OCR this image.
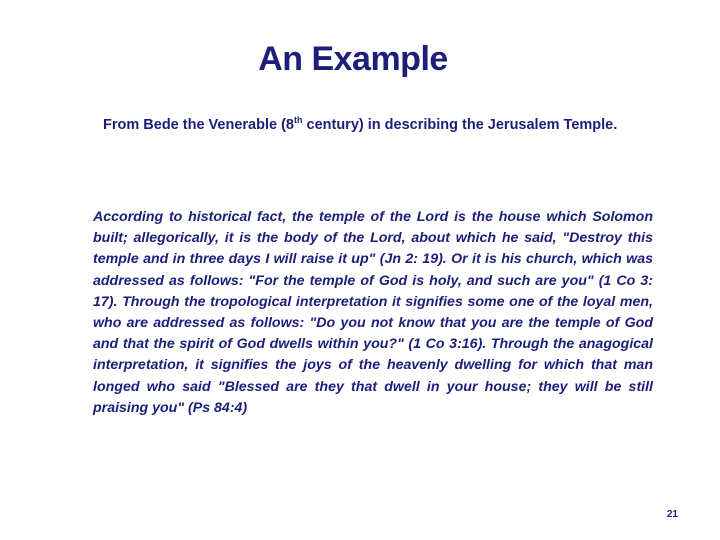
An Example

From Bede the Venerable (8th century) in describing the Jerusalem Temple.

According to historical fact, the temple of the Lord is the house which Solomon built; allegorically, it is the body of the Lord, about which he said, "Destroy this temple and in three days I will raise it up" (Jn 2: 19). Or it is his church, which was addressed as follows: "For the temple of God is holy, and such are you" (1 Co 3: 17). Through the tropological interpretation it signifies some one of the loyal men, who are addressed as follows: "Do you not know that you are the temple of God and that the spirit of God dwells within you?" (1 Co 3:16). Through the anagogical interpretation, it signifies the joys of the heavenly dwelling for which that man longed who said "Blessed are they that dwell in your house; they will be still praising you" (Ps 84:4)

21
